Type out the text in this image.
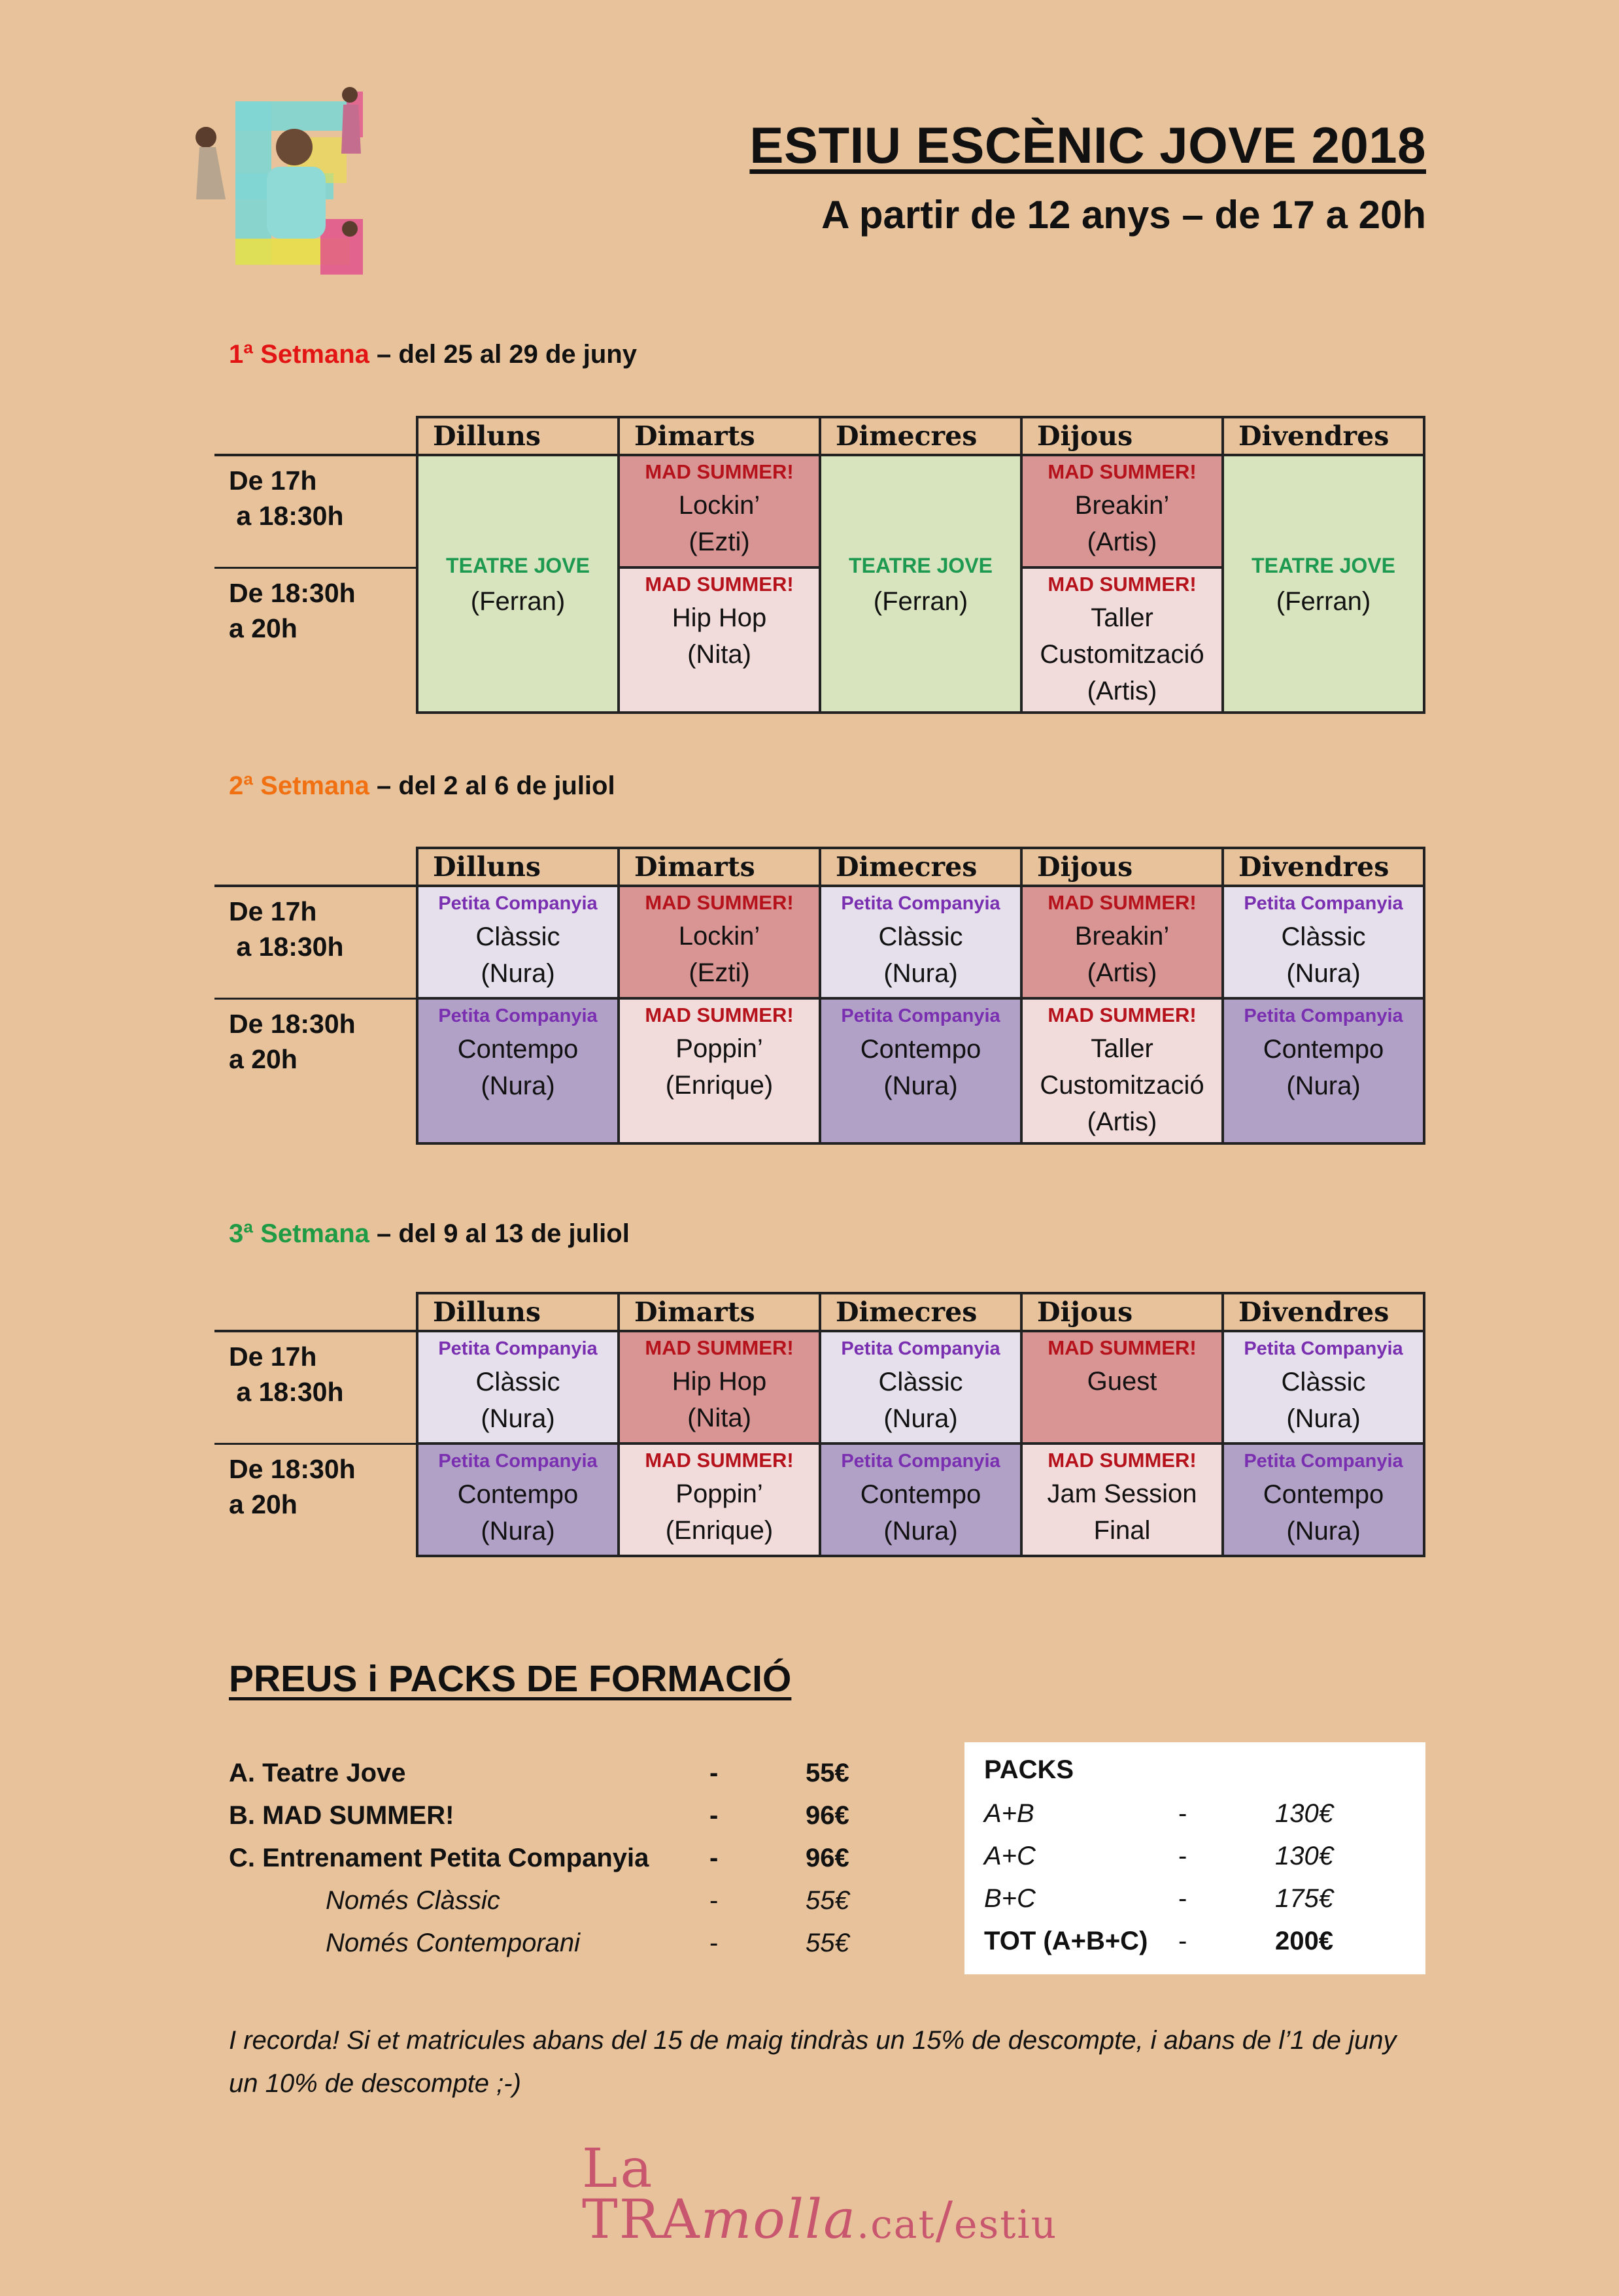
ESTIU ESCÈNIC JOVE 2018
A partir de 12 anys – de 17 a 20h
1ª Setmana – del 25 al 29 de juny
	Dilluns	Dimarts	Dimecres	Dijous	Divendres

De 17h
a 18:30h	TEATRE JOVE
(Ferran)	MAD SUMMER!
Lockin’
(Ezti)	TEATRE JOVE
(Ferran)	MAD SUMMER!
Breakin’
(Artis)	TEATRE JOVE
(Ferran)

De 18:30h
a 20h		MAD SUMMER!
Hip Hop
(Nita)		MAD SUMMER!
Taller
Customització
(Artis)	
2ª Setmana – del 2 al 6 de juliol
	Dilluns	Dimarts	Dimecres	Dijous	Divendres

De 17h
a 18:30h	Petita Companyia
Clàssic
(Nura)	MAD SUMMER!
Lockin’
(Ezti)	Petita Companyia
Clàssic
(Nura)	MAD SUMMER!
Breakin’
(Artis)	Petita Companyia
Clàssic
(Nura)

De 18:30h
a 20h	Petita Companyia
Contempo
(Nura)	MAD SUMMER!
Poppin’
(Enrique)	Petita Companyia
Contempo
(Nura)	MAD SUMMER!
Taller
Customització
(Artis)	Petita Companyia
Contempo
(Nura)
3ª Setmana – del 9 al 13 de juliol
	Dilluns	Dimarts	Dimecres	Dijous	Divendres

De 17h
a 18:30h	Petita Companyia
Clàssic
(Nura)	MAD SUMMER!
Hip Hop
(Nita)	Petita Companyia
Clàssic
(Nura)	MAD SUMMER!
Guest	Petita Companyia
Clàssic
(Nura)

De 18:30h
a 20h	Petita Companyia
Contempo
(Nura)	MAD SUMMER!
Poppin’
(Enrique)	Petita Companyia
Contempo
(Nura)	MAD SUMMER!
Jam Session
Final	Petita Companyia
Contempo
(Nura)
PREUS i PACKS DE FORMACIÓ
A. Teatre Jove	-	55€
B. MAD SUMMER!	-	96€
C. Entrenament Petita Companyia -	96€
Només Clàssic	-	55€
Només Contemporani	-	55€
PACKS
A+B	-	130€
A+C	-	130€
B+C	-	175€
TOT (A+B+C) -	200€
I recorda! Si et matricules abans del 15 de maig tindràs un 15% de descompte, i abans de l’1 de juny un 10% de descompte ;-)
La
TRAmolla.cat/estiu
